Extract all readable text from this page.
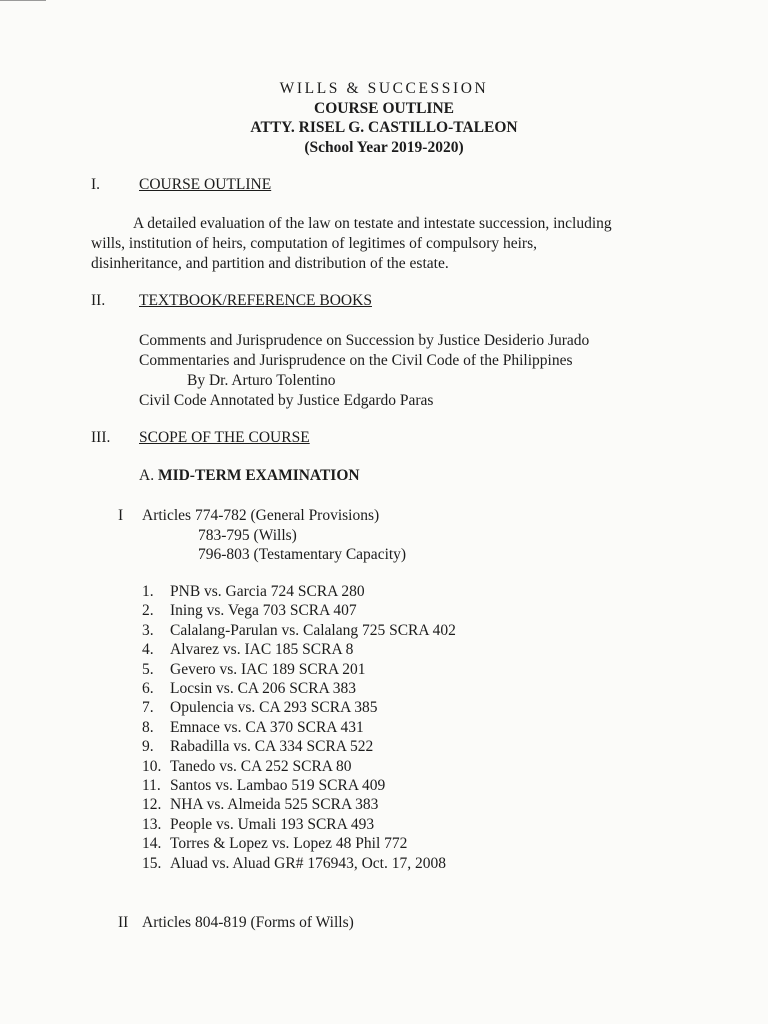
WILLS & SUCCESSION
COURSE OUTLINE
ATTY. RISEL G. CASTILLO-TALEON
(School Year 2019-2020)
I.	COURSE OUTLINE
A detailed evaluation of the law on testate and intestate succession, including
wills, institution of heirs, computation of legitimes of compulsory heirs,
disinheritance, and partition and distribution of the estate.
II. TEXTBOOK/REFERENCE BOOKS
Comments and Jurisprudence on Succession by Justice Desiderio Jurado
Commentaries and Jurisprudence on the Civil Code of the Philippines
By Dr. Arturo Tolentino
Civil Code Annotated by Justice Edgardo Paras
III. SCOPE OF THE COURSE
A. MID-TERM EXAMINATION
I Articles 774-782 (General Provisions)
783-795 (Wills)
796-803 (Testamentary Capacity)
1.	PNB vs. Garcia 724 SCRA 280
2.	Ining vs. Vega 703 SCRA 407
3.	Calalang-Parulan vs. Calalang 725 SCRA 402
4.	Alvarez vs. IAC 185 SCRA 8
5.	Gevero vs. IAC 189 SCRA 201
6.	Locsin vs. CA 206 SCRA 383
7.	Opulencia vs. CA 293 SCRA 385
8.	Emnace vs. CA 370 SCRA 431
9.	Rabadilla vs. CA 334 SCRA 522
10. Tanedo vs. CA 252 SCRA 80
11. Santos vs. Lambao 519 SCRA 409
12. NHA vs. Almeida 525 SCRA 383
13. People vs. Umali 193 SCRA 493
14. Torres & Lopez vs. Lopez 48 Phil 772
15. Aluad vs. Aluad GR# 176943, Oct. 17, 2008
II Articles 804-819 (Forms of Wills)
